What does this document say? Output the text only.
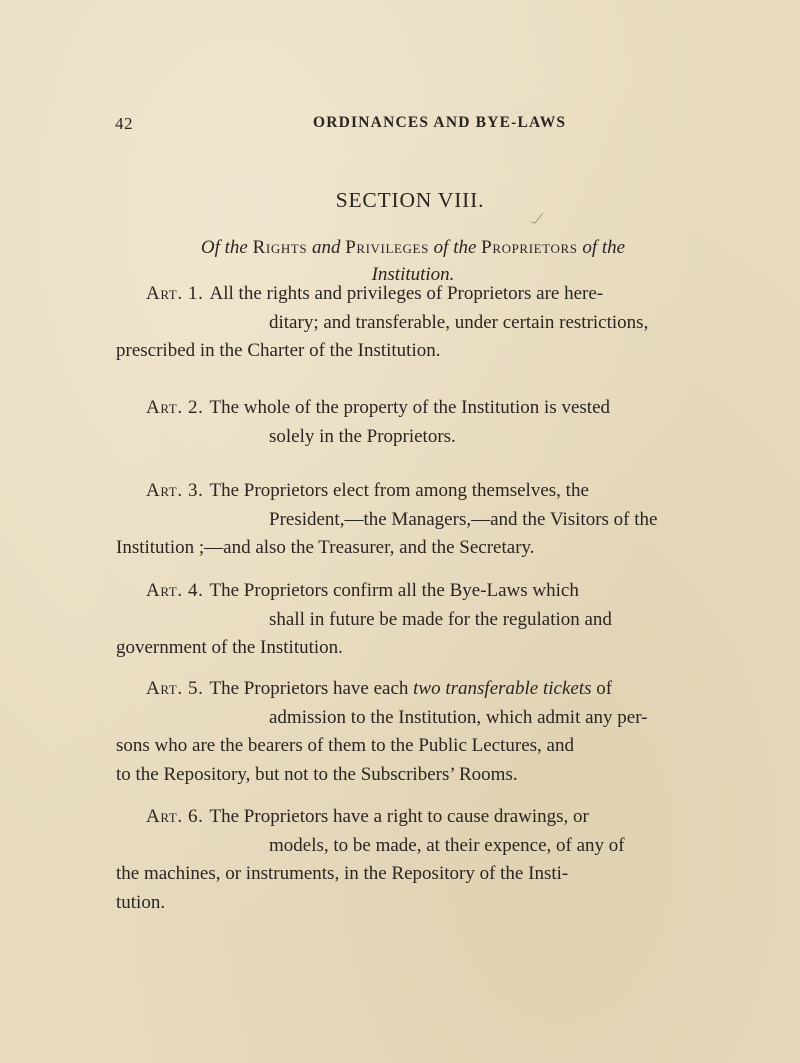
42	ORDINANCES AND BYE-LAWS
SECTION VIII.
Of the Rights and Privileges of the Proprietors of the
Institution.
Art. 1. All the rights and privileges of Proprietors are here-
ditary; and transferable, under certain restrictions,
prescribed in the Charter of the Institution.
Art. 2. The whole of the property of the Institution is vested
solely in the Proprietors.
Art. 3. The Proprietors elect from among themselves, the
President,—the Managers,—and the Visitors of the
Institution ;—and also the Treasurer, and the Secretary.
Art. 4. The Proprietors confirm all the Bye-Laws which
shall in future be made for the regulation and
government of the Institution.
Art. 5. The Proprietors have each two transferable tickets of
admission to the Institution, which admit any per-
sons who are the bearers of them to the Public Lectures, and
to the Repository, but not to the Subscribers’ Rooms.
Art. 6. The Proprietors have a right to cause drawings, or
models, to be made, at their expence, of any of
the machines, or instruments, in the Repository of the Insti-
tution.
